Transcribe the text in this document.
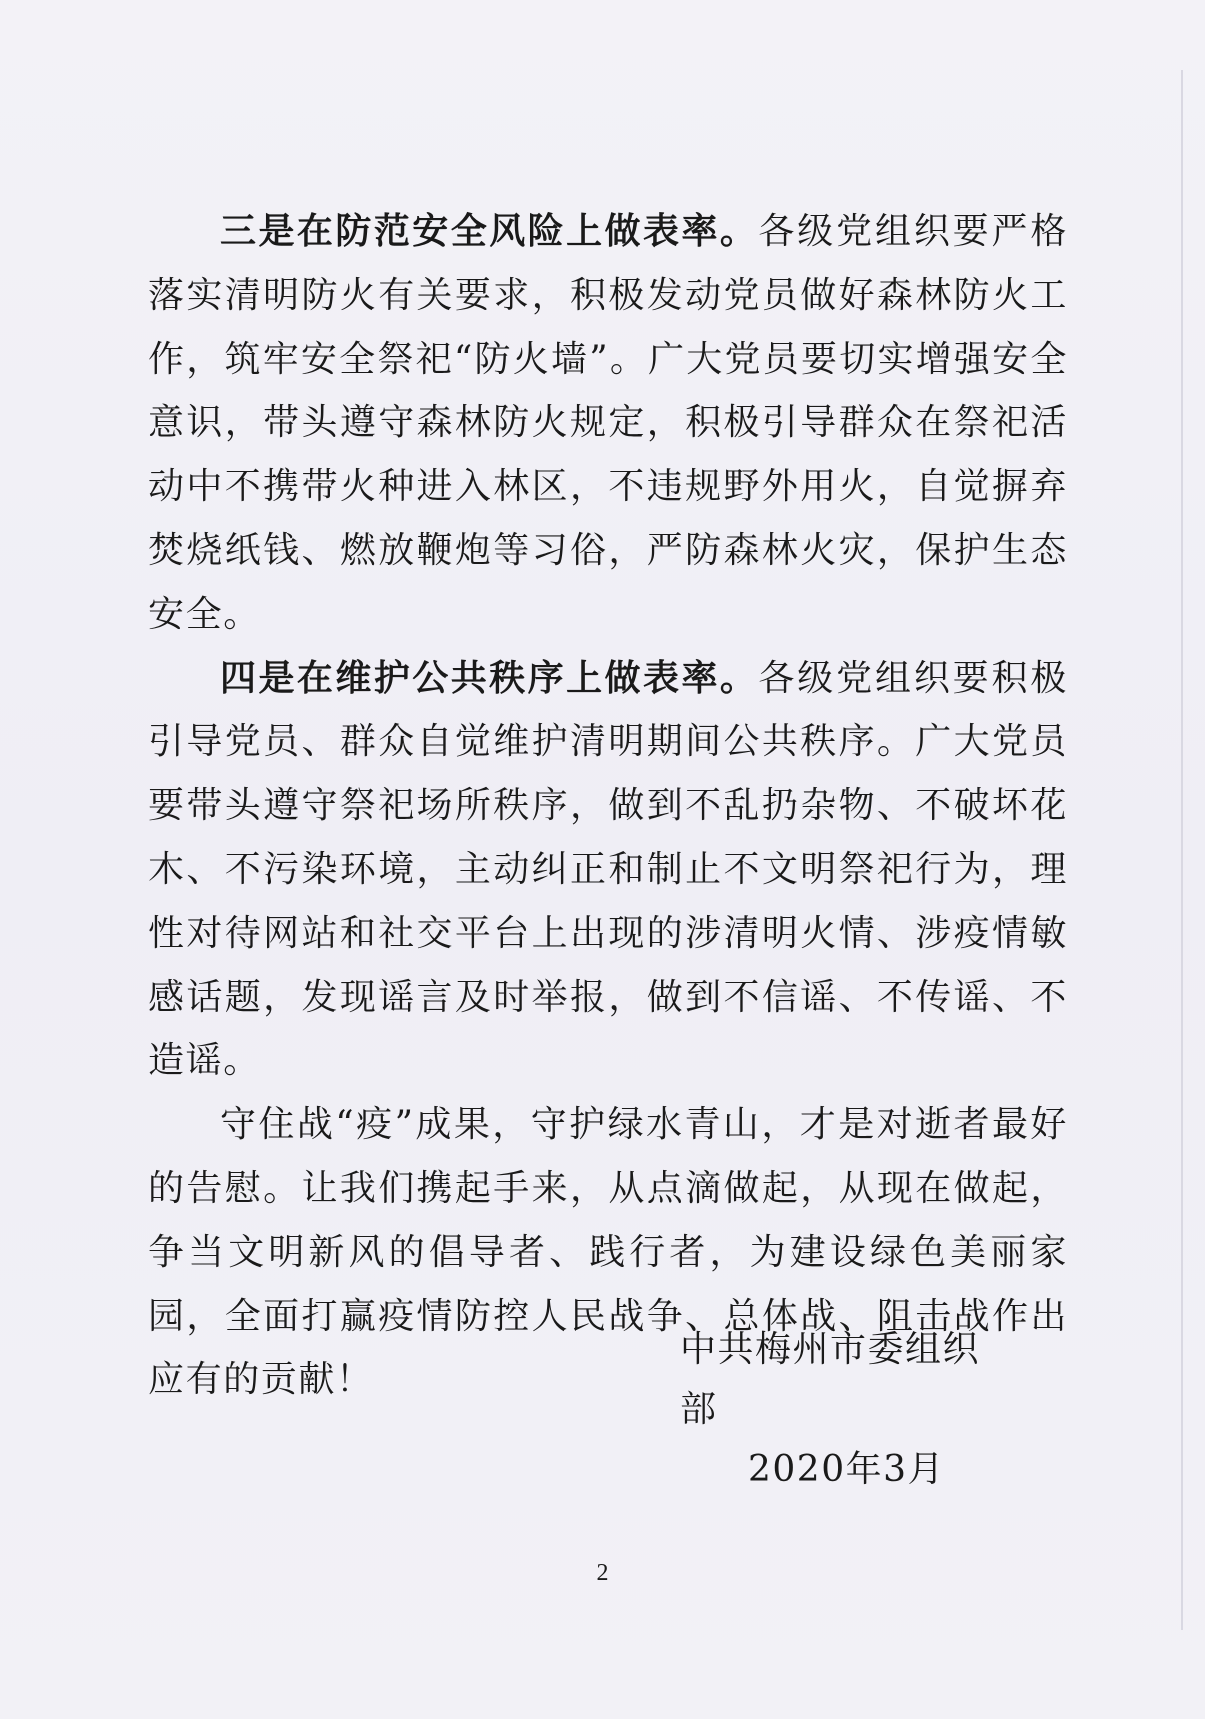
三是在防范安全风险上做表率。各级党组织要严格落实清明防火有关要求，积极发动党员做好森林防火工作，筑牢安全祭祀“防火墙”。广大党员要切实增强安全意识，带头遵守森林防火规定，积极引导群众在祭祀活动中不携带火种进入林区，不违规野外用火，自觉摒弃焚烧纸钱、燃放鞭炮等习俗，严防森林火灾，保护生态安全。

四是在维护公共秩序上做表率。各级党组织要积极引导党员、群众自觉维护清明期间公共秩序。广大党员要带头遵守祭祀场所秩序，做到不乱扔杂物、不破坏花木、不污染环境，主动纠正和制止不文明祭祀行为，理性对待网站和社交平台上出现的涉清明火情、涉疫情敏感话题，发现谣言及时举报，做到不信谣、不传谣、不造谣。

守住战“疫”成果，守护绿水青山，才是对逝者最好的告慰。让我们携起手来，从点滴做起，从现在做起，争当文明新风的倡导者、践行者，为建设绿色美丽家园，全面打赢疫情防控人民战争、总体战、阻击战作出应有的贡献！

中共梅州市委组织部
2020年3月
2
